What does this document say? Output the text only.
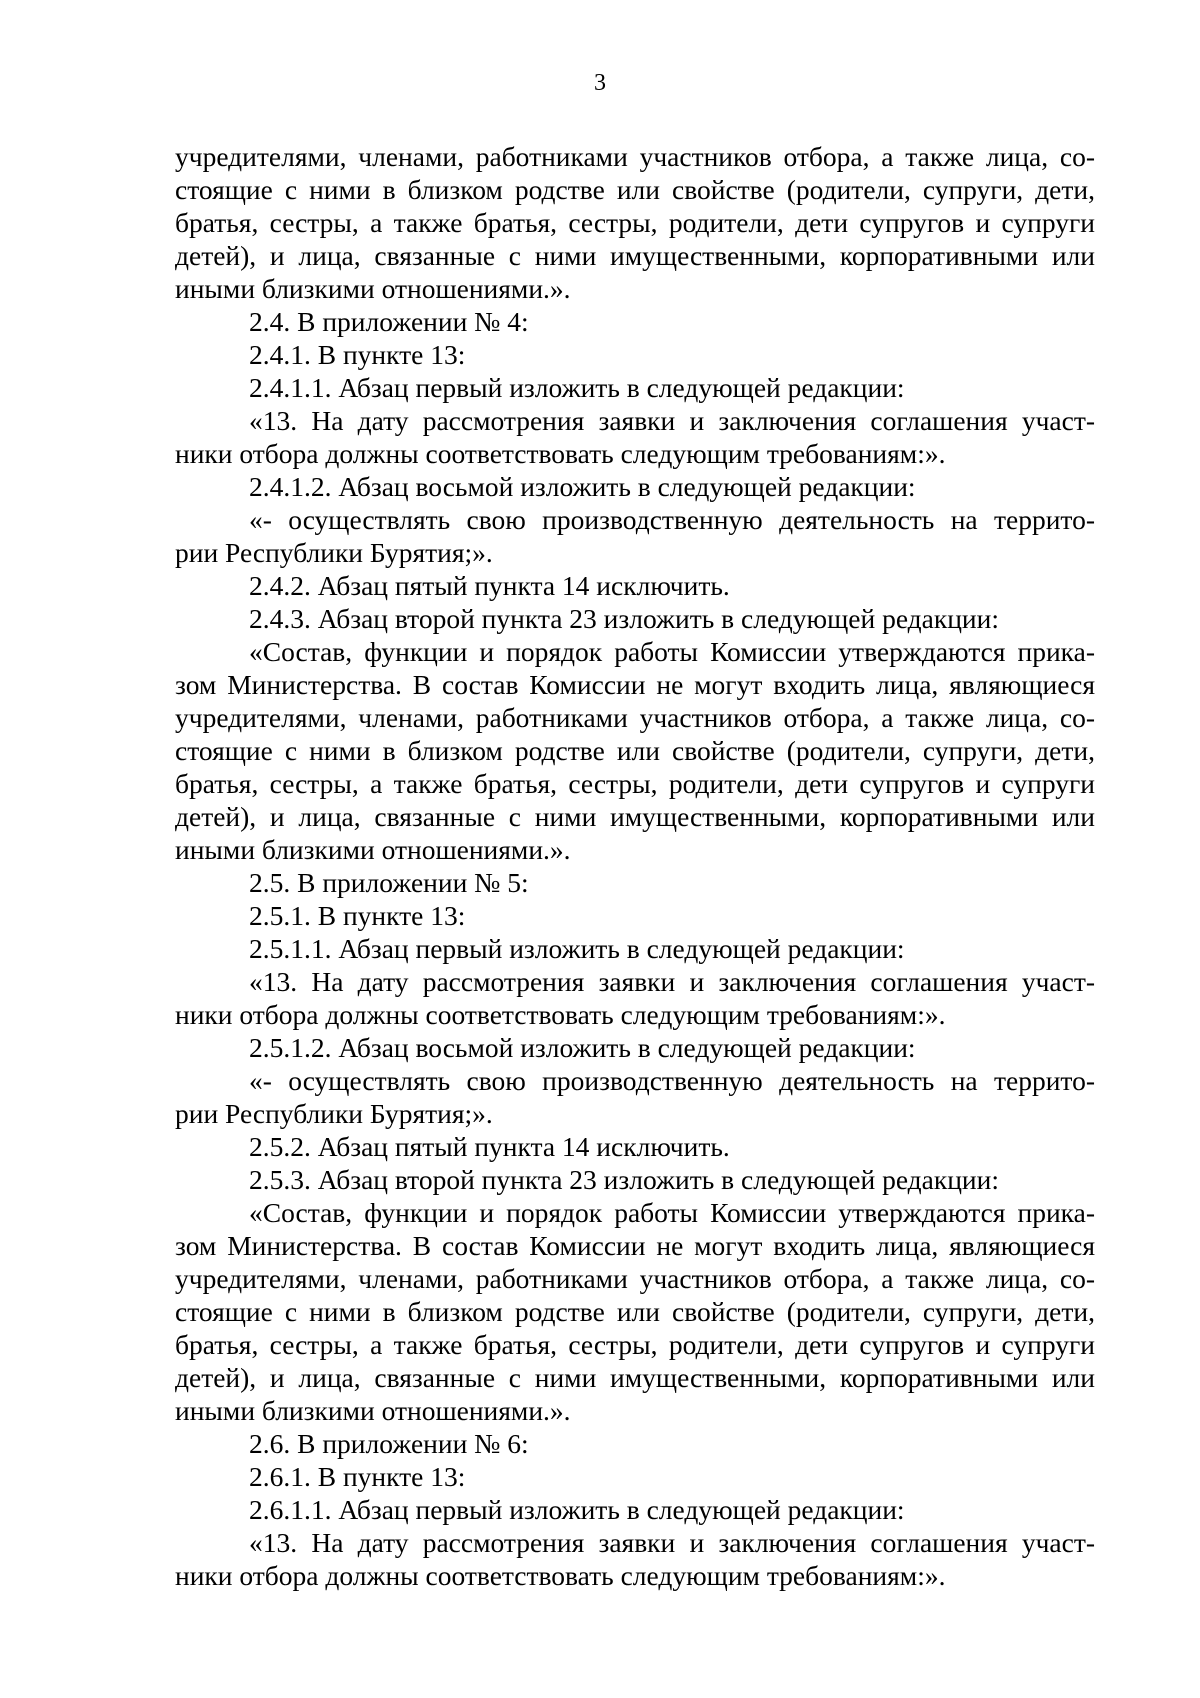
3
учредителями, членами, работниками участников отбора, а также лица, со-
стоящие с ними в близком родстве или свойстве (родители, супруги, дети,
братья, сестры, а также братья, сестры, родители, дети супругов и супруги
детей), и лица, связанные с ними имущественными, корпоративными или
иными близкими отношениями.».
2.4. В приложении № 4:
2.4.1. В пункте 13:
2.4.1.1. Абзац первый изложить в следующей редакции:
«13. На дату рассмотрения заявки и заключения соглашения участ-
ники отбора должны соответствовать следующим требованиям:».
2.4.1.2. Абзац восьмой изложить в следующей редакции:
«- осуществлять свою производственную деятельность на террито-
рии Республики Бурятия;».
2.4.2. Абзац пятый пункта 14 исключить.
2.4.3. Абзац второй пункта 23 изложить в следующей редакции:
«Состав, функции и порядок работы Комиссии утверждаются прика-
зом Министерства. В состав Комиссии не могут входить лица, являющиеся
учредителями, членами, работниками участников отбора, а также лица, со-
стоящие с ними в близком родстве или свойстве (родители, супруги, дети,
братья, сестры, а также братья, сестры, родители, дети супругов и супруги
детей), и лица, связанные с ними имущественными, корпоративными или
иными близкими отношениями.».
2.5. В приложении № 5:
2.5.1. В пункте 13:
2.5.1.1. Абзац первый изложить в следующей редакции:
«13. На дату рассмотрения заявки и заключения соглашения участ-
ники отбора должны соответствовать следующим требованиям:».
2.5.1.2. Абзац восьмой изложить в следующей редакции:
«- осуществлять свою производственную деятельность на террито-
рии Республики Бурятия;».
2.5.2. Абзац пятый пункта 14 исключить.
2.5.3. Абзац второй пункта 23 изложить в следующей редакции:
«Состав, функции и порядок работы Комиссии утверждаются прика-
зом Министерства. В состав Комиссии не могут входить лица, являющиеся
учредителями, членами, работниками участников отбора, а также лица, со-
стоящие с ними в близком родстве или свойстве (родители, супруги, дети,
братья, сестры, а также братья, сестры, родители, дети супругов и супруги
детей), и лица, связанные с ними имущественными, корпоративными или
иными близкими отношениями.».
2.6. В приложении № 6:
2.6.1. В пункте 13:
2.6.1.1. Абзац первый изложить в следующей редакции:
«13. На дату рассмотрения заявки и заключения соглашения участ-
ники отбора должны соответствовать следующим требованиям:».
